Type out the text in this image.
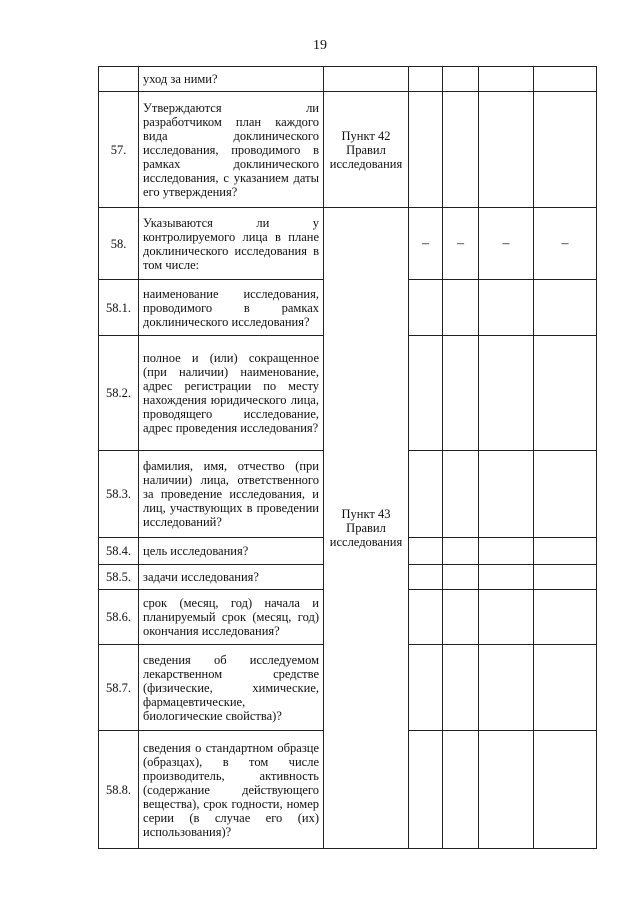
19
	уход за ними?					
57.	Утверждаются ли разработчиком план каждого вида доклинического исследования, проводимого в рамках доклинического исследования, с указанием даты его утверждения?	Пункт 42 Правил исследования				
58.	Указываются ли у контролируемого лица в плане доклинического исследования в том числе:	Пункт 43 Правил исследования	–	–	–	–
58.1.	наименование исследования, проводимого в рамках доклинического исследования?					
58.2.	полное и (или) сокращенное (при наличии) наименование, адрес регистрации по месту нахождения юридического лица, проводящего исследование, адрес проведения исследования?					
58.3.	фамилия, имя, отчество (при наличии) лица, ответственного за проведение исследования, и лиц, участвующих в проведении исследований?					
58.4.	цель исследования?					
58.5.	задачи исследования?					
58.6.	срок (месяц, год) начала и планируемый срок (месяц, год) окончания исследования?					
58.7.	сведения об исследуемом лекарственном средстве (физические, химические, фармацевтические, биологические свойства)?					
58.8.	сведения о стандартном образце (образцах), в том числе производитель, активность (содержание действующего вещества), срок годности, номер серии (в случае его (их) использования)?					
